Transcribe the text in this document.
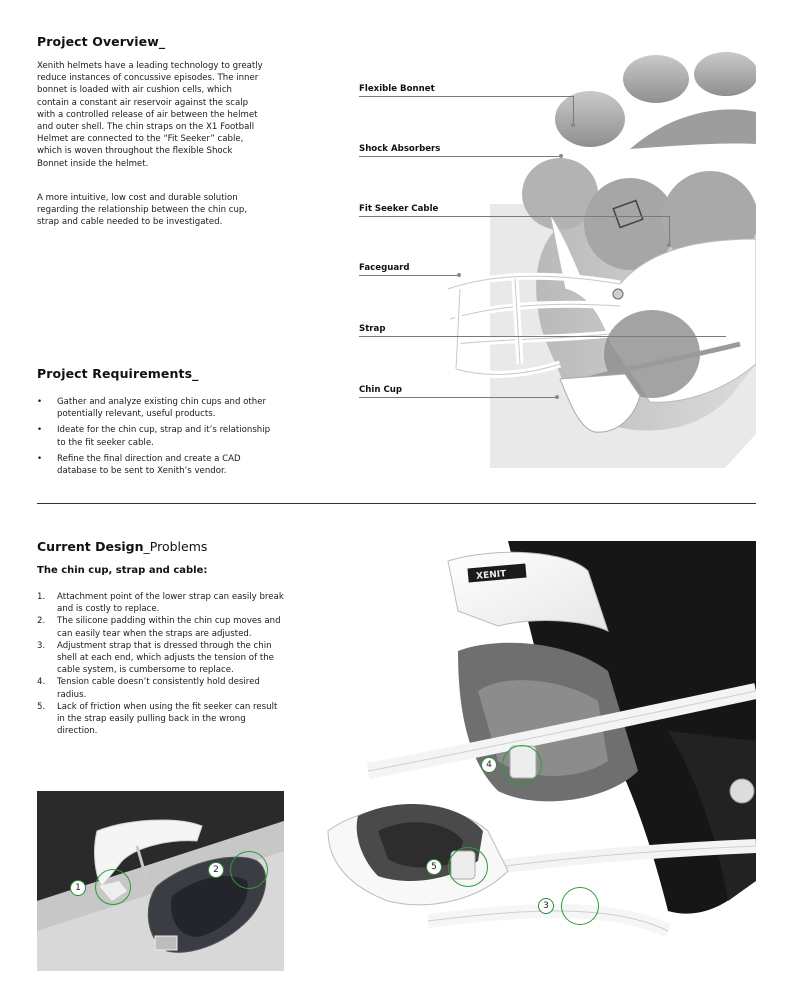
Project Overview_
Xenith helmets have a leading technology to greatly reduce instances of concussive episodes. The inner bonnet is loaded with air cushion cells, which contain a constant air reservoir against the scalp with a controlled release of air between the helmet and outer shell. The chin straps on the X1 Football Helmet are connected to the “Fit Seeker” cable, which is woven throughout the flexible Shock Bonnet inside the helmet.
A more intuitive, low cost and durable solution regarding the relationship between the chin cup, strap and cable needed to be investigated.
Project Requirements_
• Gather and analyze existing chin cups and other potentially relevant, useful products.
• Ideate for the chin cup, strap and it’s relationship to the fit seeker cable.
• Refine the final direction and create a CAD database to be sent to Xenith’s vendor.
Flexible Bonnet
Shock Absorbers
Fit Seeker Cable
Faceguard
Strap
Chin Cup
Current Design_Problems
The chin cup, strap and cable:
1. Attachment point of the lower strap can easily break and is costly to replace.
2. The silicone padding within the chin cup moves and can easily tear when the straps are adjusted.
3. Adjustment strap that is dressed through the chin shell at each end, which adjusts the tension of the cable system, is cumbersome to replace.
4. Tension cable doesn’t consistently hold desired radius.
5. Lack of friction when using the fit seeker can result in the strap easily pulling back in the wrong direction.
1
2
XENIT
4
5
3
